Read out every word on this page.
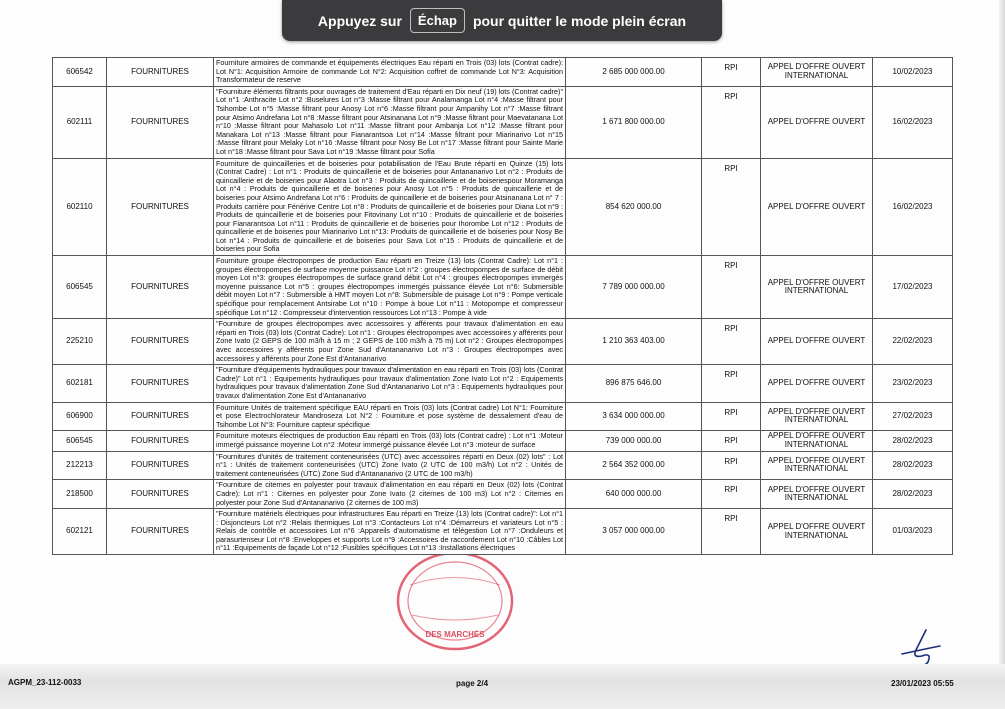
Appuyez sur	Échap	pour quitter le mode plein écran
606542	FOURNITURES	Fourniture armoires de commande et équipements électriques Eau réparti en Trois (03) lots (Contrat cadre): Lot N°1: Acquisition Armoire de commande Lot N°2: Acquisition coffret de commande Lot N°3: Acquisition Transformateur de reserve	2 685 000 000.00	RPI	APPEL D'OFFRE OUVERT INTERNATIONAL	10/02/2023
602111	FOURNITURES	"Fourniture éléments filtrants pour ouvrages de traitement d'Eau réparti en Dix neuf (19) lots (Contrat cadre)" Lot n°1 :Anthracite Lot n°2 :Buselures Lot n°3 :Masse filtrant pour Analamanga Lot n°4 :Masse filtrant pour Tsihombe Lot n°5 :Masse filtrant pour Anosy Lot n°6 :Masse filtrant pour Ampanihy Lot n°7 :Masse filtrant pour Atsimo Andrefana Lot n°8 :Masse filtrant pour Atsinanana Lot n°9 :Masse filtrant pour Maevatanana Lot n°10 :Masse filtrant pour Mahasolo Lot n°11 :Masse filtrant pour Ambanja Lot n°12 :Masse filtrant pour Manakara Lot n°13 :Masse filtrant pour Fianarantsoa Lot n°14 :Masse filtrant pour Miarinarivo Lot n°15 :Masse filtrant pour Melaky Lot n°16 :Masse filtrant pour Nosy Be Lot n°17 :Masse filtrant pour Sainte Marie Lot n°18 :Masse filtrant pour Sava Lot n°19 :Masse filtrant pour Sofia	1 671 800 000.00	RPI	APPEL D'OFFRE OUVERT	16/02/2023
602110	FOURNITURES	Fourniture de quincailleries et de boiseries pour potabilisation de l'Eau Brute réparti en Quinze (15) lots (Contrat Cadre) : Lot n°1 : Produits de quincaillerie et de boiseries pour Antananarivo Lot n°2 : Produits de quincaillerie et de boiseries pour Alaotra Lot n°3 : Produits de quincaillerie et de boiseriespour Moramanga Lot n°4 : Produits de quincaillerie et de boiseries pour Anosy Lot n°5 : Produits de quincaillerie et de boiseries pour Atsimo Andrefana Lot n°6 : Produits de quincaillerie et de boiseries pour Atsinanana Lot n° 7 : Produits carrière pour Fénérive Centre Lot n°8 : Produits de quincaillerie et de boiseries pour Diana Lot n°9 : Produits de quincaillerie et de boiseries pour Fitovinany Lot n°10 : Produits de quincaillerie et de boiseries pour Fianarantsoa Lot n°11 : Produits de quincaillerie et de boiseries pour Ihorombe Lot n°12 : Produits de quincaillerie et de boiseries pour Miarinarivo Lot n°13: Produits de quincaillerie et de boiseries pour Nosy Be Lot n°14 : Produits de quincaillerie et de boiseries pour Sava Lot n°15 : Produits de quincaillerie et de boiseries pour Sofia	854 620 000.00	RPI	APPEL D'OFFRE OUVERT	16/02/2023
606545	FOURNITURES	Fourniture groupe électropompes de production Eau réparti en Treize (13) lots (Contrat Cadre): Lot n°1 : groupes électropompes de surface moyenne puissance Lot n°2 : groupes électropompes de surface de débit moyen Lot n°3: groupes électropompes de surface grand débit Lot n°4 : groupes électropompes immergés moyenne puissance Lot n°5 : groupes électropompes immergés puissance élevée Lot n°6: Submersible débit moyen Lot n°7 : Submersible à HMT moyen Lot n°8: Submersible de puisage Lot n°9 : Pompe verticale spécifique pour remplacement Antsirabe Lot n°10 : Pompe à boue Lot n°11 : Motopompe et compresseur spécifique Lot n°12 : Compresseur d'intervention ressources Lot n°13 : Pompe à vide	7 789 000 000.00	RPI	APPEL D'OFFRE OUVERT INTERNATIONAL	17/02/2023
225210	FOURNITURES	"Fourniture de groupes électropompes avec accessoires y afférents pour travaux d'alimentation en eau réparti en Trois (03) lots (Contrat Cadre): Lot n°1 : Groupes électropompes avec accessoires y afférents pour Zone Ivato (2 GEPS de 100 m3/h à 15 m ; 2 GEPS de 100 m3/h à 75 m) Lot n°2 : Groupes électropompes avec accessoires y afférents pour Zone Sud d'Antananarivo Lot n°3 : Groupes électropompes avec accessoires y afférents pour Zone Est d'Antananarivo	1 210 363 403.00	RPI	APPEL D'OFFRE OUVERT	22/02/2023
602181	FOURNITURES	"Fourniture d'équipements hydrauliques pour travaux d'alimentation en eau réparti en Trois (03) lots (Contrat Cadre)" Lot n°1 : Equipements hydrauliques pour travaux d'alimentation Zone Ivato Lot n°2 : Equipements hydrauliques pour travaux d'alimentation Zone Sud d'Antananarivo Lot n°3 : Equipements hydrauliques pour travaux d'alimentation Zone Est d'Antananarivo	896 875 646.00	RPI	APPEL D'OFFRE OUVERT	23/02/2023
606900	FOURNITURES	Fourniture Unités de traitement spécifique EAU réparti en Trois (03) lots (Contrat cadre) Lot N°1: Fourniture et pose Electrochlorateur Mandroseza Lot N°2 : Fourniture et pose système de dessalement d'eau de Tsihombe Lot N°3: Fourniture capteur spécifique	3 634 000 000.00	RPI	APPEL D'OFFRE OUVERT INTERNATIONAL	27/02/2023
606545	FOURNITURES	Fourniture moteurs électriques de production Eau réparti en Trois (03) lots (Contrat cadre) : Lot n°1 :Moteur immergé puissance moyenne Lot n°2 :Moteur immergé puissance élevée Lot n°3 :moteur de surface	739 000 000.00	RPI	APPEL D'OFFRE OUVERT INTERNATIONAL	28/02/2023
212213	FOURNITURES	"Fournitures d'unités de traitement conteneurisées (UTC) avec accessoires réparti en Deux (02) lots" : Lot n°1 : Unités de traitement conteneurisées (UTC) Zone Ivato (2 UTC de 100 m3/h) Lot n°2 : Unités de traitement conteneurisées (UTC) Zone Sud d'Antananarivo (2 UTC de 100 m3/h)	2 564 352 000.00	RPI	APPEL D'OFFRE OUVERT INTERNATIONAL	28/02/2023
218500	FOURNITURES	"Fourniture de citernes en polyester pour travaux d'alimentation en eau réparti en Deux (02) lots (Contrat Cadre): Lot n°1 : Citernes en polyester pour Zone Ivato (2 citernes de 100 m3) Lot n°2 : Citernes en polyester pour Zone Sud d'Antananarivo (2 citernes de 100 m3)	640 000 000.00	RPI	APPEL D'OFFRE OUVERT INTERNATIONAL	28/02/2023
602121	FOURNITURES	"Fourniture matériels électriques pour infrastructures Eau réparti en Treize (13) lots (Contrat cadre)": Lot n°1 : Disjoncteurs Lot n°2 :Relais thermiques Lot n°3 :Contacteurs Lot n°4 :Démarreurs et variateurs Lot n°5 : Relais de contrôle et accessoires Lot n°6 :Appareils d'automatisme et télégestion Lot n°7 :Onduleurs et parasurtenseur Lot n°8 :Enveloppes et supports Lot n°9 :Accessoires de raccordement Lot n°10 :Câbles Lot n°11 :Equipements de façade Lot n°12 :Fusibles spécifiques Lot n°13 :Installations électriques	3 057 000 000.00	RPI	APPEL D'OFFRE OUVERT INTERNATIONAL	01/03/2023
DES MARCHÉS
AGPM_23-112-0033	page 2/4	23/01/2023 05:55
